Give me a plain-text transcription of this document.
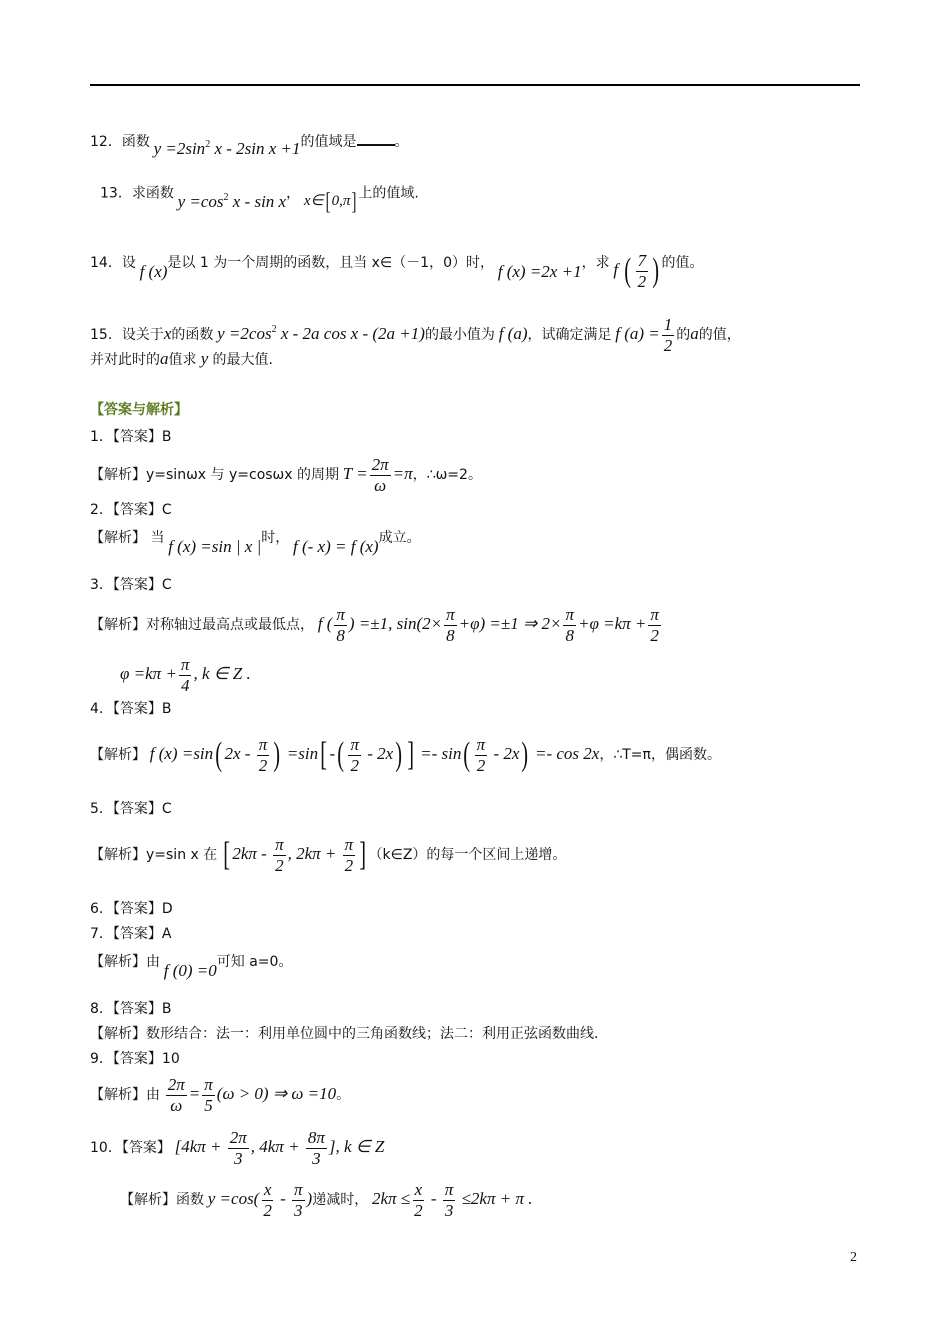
12．函数 $y =2\sin^2$ x - 2sin x +1的值域是	。
13．求函数 $y =\cos^2$ x - sin x， x∈[ 0,π] 上的值域.
14．设 f (x)是以 1 为一个周期的函数，且当 x∈（－1，0）时， f (x) =2x +1，求 f ( $\frac{7}{2}$ ) 的值。
15．设关于x的函数 $y =2\cos^2$ x - 2a cos x - (2a +1)的最小值为 f (a)，试确定满足 f $(a) = \frac{1}{2}$ 的a的值，
并对此时的a值求 y 的最大值.
【答案与解析】
1．【答案】B
【解析】y=sinωx 与 y=cosωx 的周期 $T = \frac{2\pi}{\omega} =\pi$，∴ω=2。
2．【答案】C
【解析】 当 f (x) =sin | x |时， f (- x) = f (x)成立。
3．【答案】C
【解析】对称轴过最高点或最低点， f ( $\frac{\pi}{8}$ ) =±1, $\sin(2\times \frac{\pi}{8} +\varphi) =\pm 1$ ⇒ $2\times \frac{\pi}{8} +\varphi =k\pi + \frac{\pi}{2}$
$\varphi =k\pi + \frac{\pi}{4}$ , k ∈ Z .
4．【答案】B
【解析】 f (x) =sin( $2x - \frac{\pi}{2}$ ) =sin[ -( $\frac{\pi}{2} - 2x$) ] =- $\sin( \frac{\pi}{2} - 2x) =- \cos 2x$，∴T=π，偶函数。
5．【答案】C
【解析】y=sin x 在 [ $2k\pi - \frac{\pi}{2}$ , $2k\pi + \frac{\pi}{2}$ ] （k∈Z）的每一个区间上递增。
6．【答案】D
7．【答案】A
【解析】由 f (0) =0可知 a=0。
8．【答案】B
【解析】数形结合：法一：利用单位圆中的三角函数线；法二：利用正弦函数曲线.
9．【答案】10
【解析】由 $\frac{2\pi}{\omega} = \frac{\pi}{5} (\omega > 0)$ ⇒ ω =10。
10．【答案】 [$4k\pi + \frac{2\pi}{3}$ , $4k\pi + \frac{8\pi}{3}$ ], k ∈ Z
【解析】函数 $y =\cos( \frac{x}{2} - \frac{\pi}{3}$ )递减时， $2k\pi \le \frac{x}{2} - \frac{\pi}{3} \le 2k\pi + \pi$ .
2
